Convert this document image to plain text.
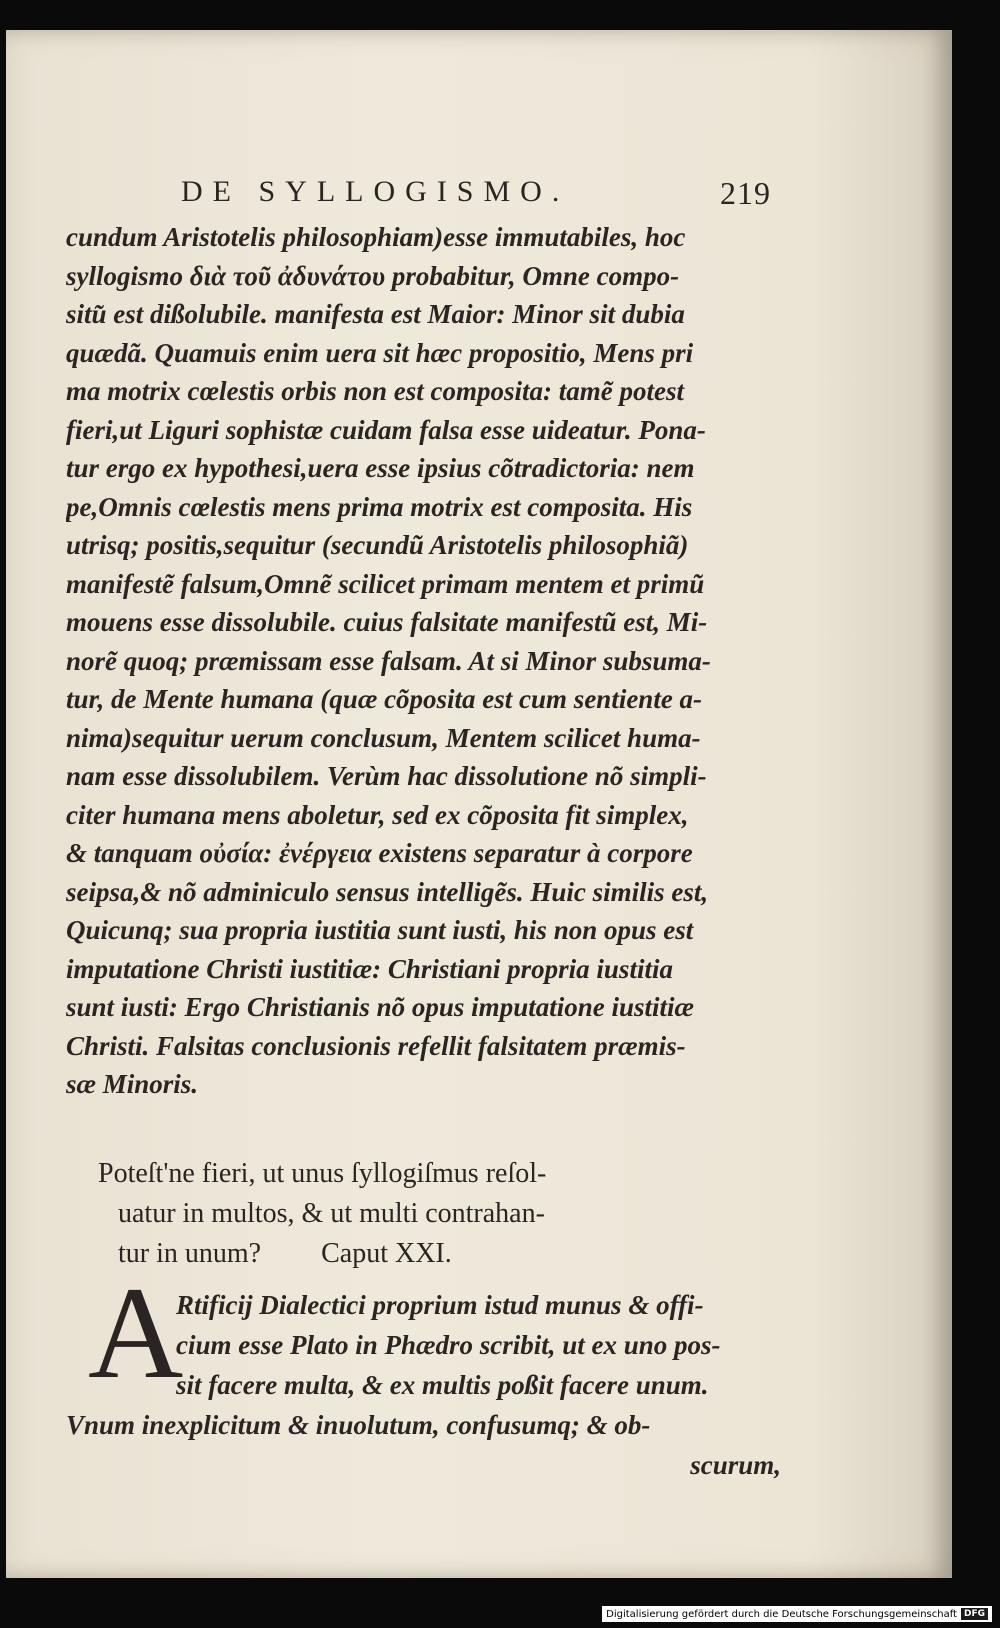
DE SYLLOGISMO.	219
cundum Aristotelis philosophiam)esse immutabiles, hoc
syllogismo διὰ τοῦ ἀδυνάτου probabitur, Omne compo-
situ͂ est dißolubile. manifesta est Maior: Minor sit dubia
quædã. Quamuis enim uera sit hæc propositio, Mens pri
ma motrix cœlestis orbis non est composita: tamẽ potest
fieri,ut Liguri sophistæ cuidam falsa esse uideatur. Pona-
tur ergo ex hypothesi,uera esse ipsius cõtradictoria: nem
pe,Omnis cœlestis mens prima motrix est composita. His
utrisq; positis,sequitur (secundũ Aristotelis philosophiã)
manifestẽ falsum,Omnẽ scilicet primam mentem et primũ
mouens esse dissolubile. cuius falsitate manifestũ est, Mi-
norẽ quoq; præmissam esse falsam. At si Minor subsuma-
tur, de Mente humana (quæ cõposita est cum sentiente a-
nima)sequitur uerum conclusum, Mentem scilicet huma-
nam esse dissolubilem. Verùm hac dissolutione nõ simpli-
citer humana mens aboletur, sed ex cõposita fit simplex,
& tanquam οὐσία: ἐνέργεια existens separatur à corpore
seipsa,& nõ adminiculo sensus intelligẽs. Huic similis est,
Quicunq; sua propria iustitia sunt iusti, his non opus est
imputatione Christi iustitiæ: Christiani propria iustitia
sunt iusti: Ergo Christianis nõ opus imputatione iustitiæ
Christi. Falsitas conclusionis refellit falsitatem præmis-
sæ Minoris.
Poteſt'ne fieri, ut unus ſyllogiſmus reſol-
uatur in multos, & ut multi contrahan-
tur in unum? Caput XXI.
A
Rtificij Dialectici proprium istud munus & offi-
cium esse Plato in Phædro scribit, ut ex uno pos-
sit facere multa, & ex multis poßit facere unum.
Vnum inexplicitum & inuolutum, confusumq; & ob-
scurum,
Digitalisierung gefördert durch die Deutsche Forschungsgemeinschaft DFG
